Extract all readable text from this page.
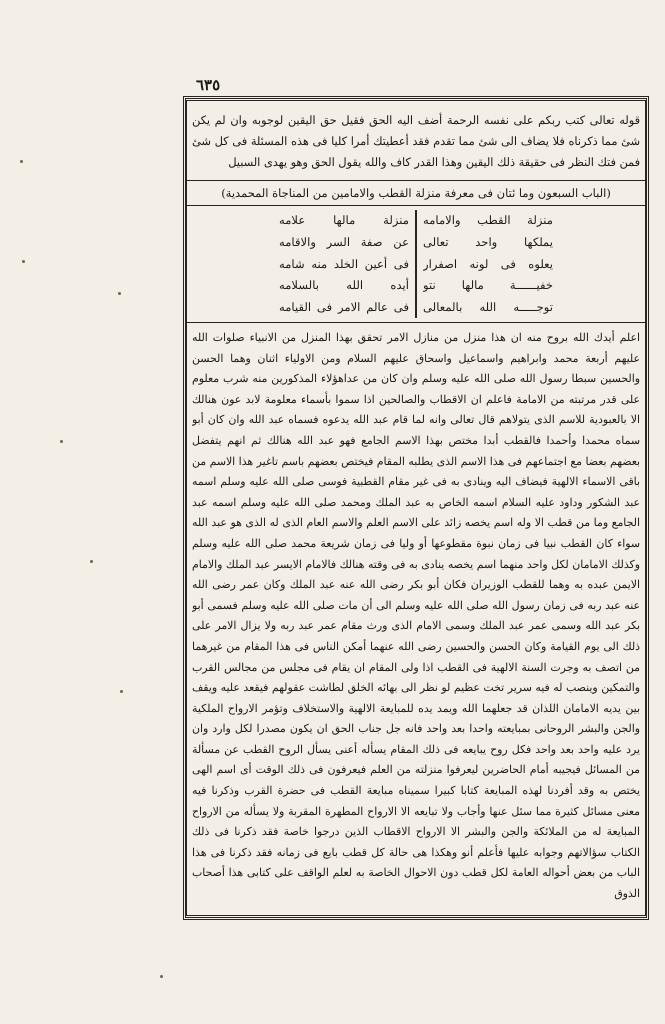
٦٣٥

قوله تعالى كتب ربكم على نفسه الرحمة أضف اليه الحق فقيل حق اليقين لوجوبه وان لم يكن شئ مما ذكرناه فلا يضاف الى شئ مما تقدم فقد أعطيتك أمرا كليا فى هذه المسئلة فى كل شئ فمن فتك النظر فى حقيقة ذلك اليقين وهذا القدر كاف والله يقول الحق وهو يهدى السبيل

(الباب السبعون وما ئتان فى معرفة منزلة القطب والامامين من المناجاة المحمدية)
منزلة القطب والامامه
يملكها واحد تعالى
يعلوه فى لونه اصفرار
خفيــــــة مالها نتو
توجـــــه الله بالمعالى
منزلة مالها علامه
عن صفة السر والاقامه
فى أعين الخلد منه شامه
أيده الله بالسلامه
فى عالم الامر فى القيامه

اعلم أيدك الله بروح منه ان هذا منزل من منازل الامر تحقق بهذا المنزل من الانبياء صلوات الله عليهم أربعة محمد وابراهيم واسماعيل واسحاق عليهم السلام ومن الاولياء اثنان وهما الحسن والحسين سبطا رسول الله صلى الله عليه وسلم وان كان من عداهؤلاء المذكورين منه شرب معلوم على قدر مرتبته من الامامة فاعلم ان الاقطاب والصالحين اذا سموا بأسماء معلومة لابد عون هنالك الا بالعبودية للاسم الذى يتولاهم قال تعالى وانه لما قام عبد الله يدعوه فسماه عبد الله وان كان أبو سماه محمدا وأحمدا فالقطب أبدا مختص بهذا الاسم الجامع فهو عبد الله هنالك ثم انهم يتفضل بعضهم بعضا مع اجتماعهم فى هذا الاسم الذى يطلبه المقام فيختص بعضهم باسم تاغير هذا الاسم من باقى الاسماء الالهية فيضاف اليه وينادى به فى غير مقام القطبية فوسى صلى الله عليه وسلم اسمه عبد الشكور وداود عليه السلام اسمه الخاص به عبد الملك ومحمد صلى الله عليه وسلم اسمه عبد الجامع وما من قطب الا وله اسم يخصه زائد على الاسم العلم والاسم العام الذى له الذى هو عبد الله سواء كان القطب نبيا فى زمان نبوة مقطوعها أو وليا فى زمان شريعة محمد صلى الله عليه وسلم وكذلك الامامان لكل واحد منهما اسم يخصه ينادى به فى وقته هنالك فالامام الايسر عبد الملك والامام الايمن عبده به وهما للقطب الوزيران فكان أبو بكر رضى الله عنه عبد الملك وكان عمر رضى الله عنه عبد ربه فى زمان رسول الله صلى الله عليه وسلم الى أن مات صلى الله عليه وسلم فسمى أبو بكر عبد الله وسمى عمر عبد الملك وسمى الامام الذى ورث مقام عمر عبد ربه ولا يزال الامر على ذلك الى يوم القيامة وكان الحسن والحسين رضى الله عنهما أمكن الناس فى هذا المقام من غيرهما من اتصف به وجرت السنة الالهية فى القطب اذا ولى المقام ان يقام فى مجلس من مجالس القرب والتمكين وينصب له فيه سرير تخت عظيم لو نظر الى بهائه الخلق لطاشت عقولهم فيقعد عليه ويقف بين يديه الامامان اللذان قد جعلهما الله ويمد يده للمبايعة الالهية والاستخلاف وتؤمر الارواح الملكية والجن والبشر الروحانى بمبايعته واحدا بعد واحد فانه جل جناب الحق ان يكون مصدرا لكل وارد وان يرد عليه واحد بعد واحد فكل روح يبايعه فى ذلك المقام يسأله أعنى يسأل الروح القطب عن مسألة من المسائل فيجيبه أمام الحاضرين ليعرفوا منزلته من العلم فيعرفون فى ذلك الوقت أى اسم الهى يختص به وقد أفردنا لهذه المبايعة كتابا كبيرا سميناه مبايعة القطب فى حضرة القرب وذكرنا فيه معنى مسائل كثيرة مما سئل عنها وأجاب ولا تبايعه الا الارواح المطهرة المقربة ولا يسأله من الارواح المبايعة له من الملائكة والجن والبشر الا الارواح الاقطاب الذين درجوا خاصة فقد ذكرنا فى ذلك الكتاب سؤالاتهم وجوابه عليها فأعلم أنو وهكذا هى حالة كل قطب بايع فى زمانه فقد ذكرنا فى هذا الباب من بعض أحواله العامة لكل قطب دون الاحوال الخاصة به لعلم الواقف على كتابى هذا أصحاب الذوق
